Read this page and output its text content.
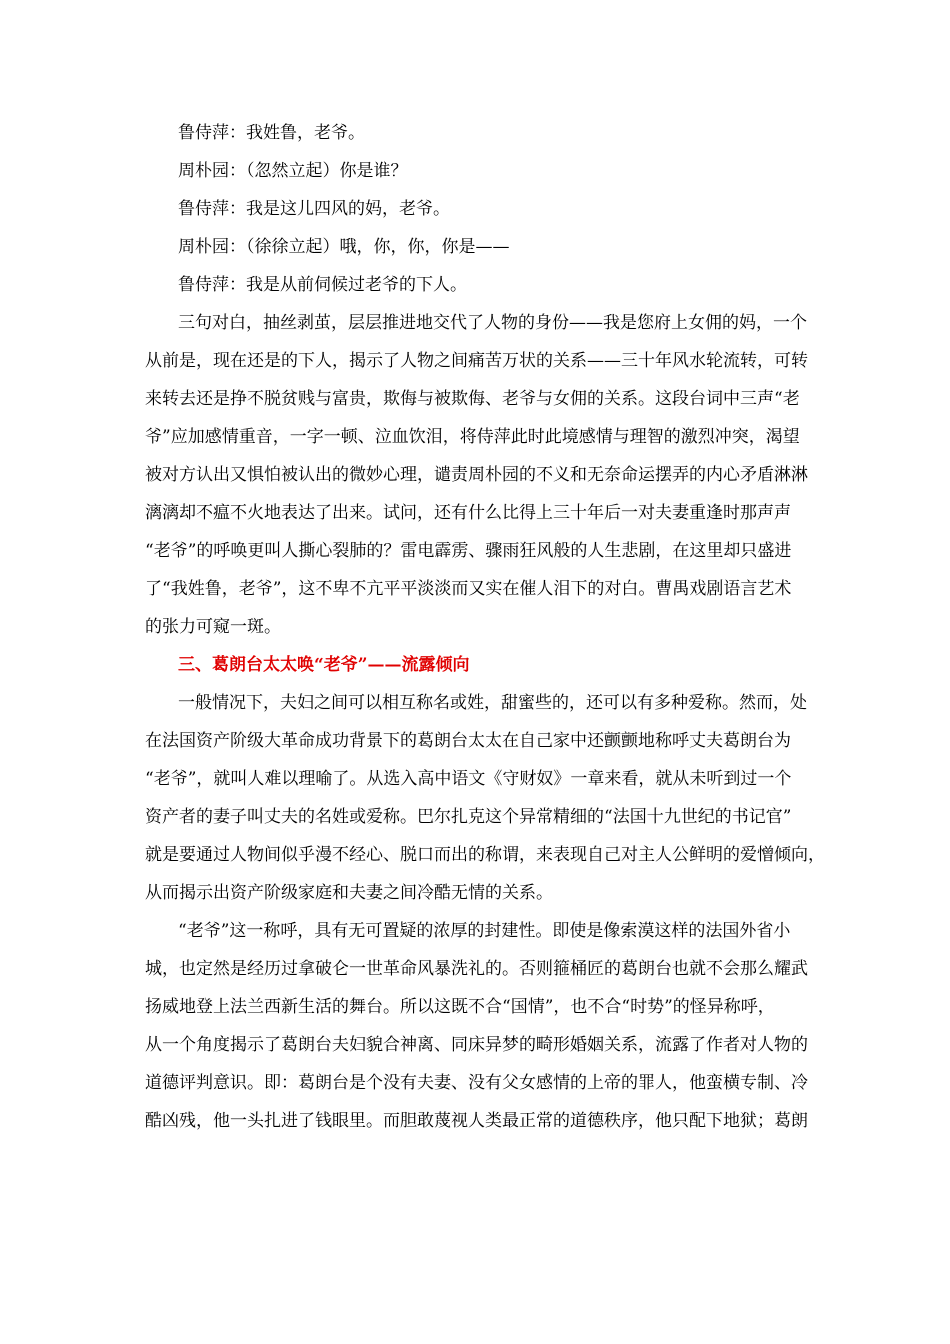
鲁侍萍：我姓鲁，老爷。
周朴园：（忽然立起）你是谁？
鲁侍萍：我是这儿四风的妈，老爷。
周朴园：（徐徐立起）哦，你，你，你是——
鲁侍萍：我是从前伺候过老爷的下人。
三句对白，抽丝剥茧，层层推进地交代了人物的身份——我是您府上女佣的妈，一个
从前是，现在还是的下人，揭示了人物之间痛苦万状的关系——三十年风水轮流转，可转
来转去还是挣不脱贫贱与富贵，欺侮与被欺侮、老爷与女佣的关系。这段台词中三声“老
爷”应加感情重音，一字一顿、泣血饮泪，将侍萍此时此境感情与理智的激烈冲突，渴望
被对方认出又惧怕被认出的微妙心理，谴责周朴园的不义和无奈命运摆弄的内心矛盾淋淋
漓漓却不瘟不火地表达了出来。试问，还有什么比得上三十年后一对夫妻重逢时那声声
“老爷”的呼唤更叫人撕心裂肺的？雷电霹雳、骤雨狂风般的人生悲剧，在这里却只盛进
了“我姓鲁，老爷”，这不卑不亢平平淡淡而又实在催人泪下的对白。曹禺戏剧语言艺术
的张力可窥一斑。
三、葛朗台太太唤“老爷”——流露倾向
一般情况下，夫妇之间可以相互称名或姓，甜蜜些的，还可以有多种爱称。然而，处
在法国资产阶级大革命成功背景下的葛朗台太太在自己家中还颤颤地称呼丈夫葛朗台为
“老爷”，就叫人难以理喻了。从选入高中语文《守财奴》一章来看，就从未听到过一个
资产者的妻子叫丈夫的名姓或爱称。巴尔扎克这个异常精细的“法国十九世纪的书记官”
就是要通过人物间似乎漫不经心、脱口而出的称谓，来表现自己对主人公鲜明的爱憎倾向，
从而揭示出资产阶级家庭和夫妻之间冷酷无情的关系。
“老爷”这一称呼，具有无可置疑的浓厚的封建性。即使是像索漠这样的法国外省小
城，也定然是经历过拿破仑一世革命风暴洗礼的。否则箍桶匠的葛朗台也就不会那么耀武
扬威地登上法兰西新生活的舞台。所以这既不合“国情”，也不合“时势”的怪异称呼，
从一个角度揭示了葛朗台夫妇貌合神离、同床异梦的畸形婚姻关系，流露了作者对人物的
道德评判意识。即：葛朗台是个没有夫妻、没有父女感情的上帝的罪人，他蛮横专制、冷
酷凶残，他一头扎进了钱眼里。而胆敢蔑视人类最正常的道德秩序，他只配下地狱；葛朗
